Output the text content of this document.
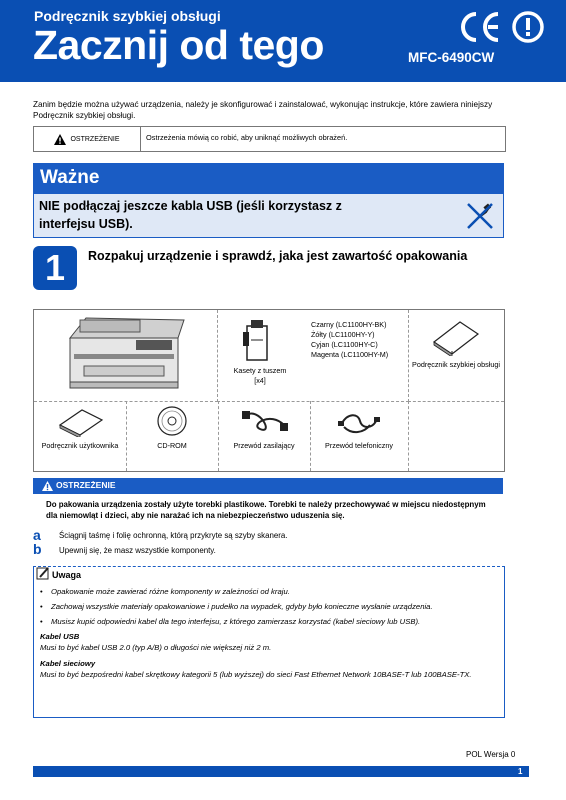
Podręcznik szybkiej obsługi
Zacznij od tego	MFC-6490CW
Zanim będzie można używać urządzenia, należy je skonfigurować i zainstalować, wykonując instrukcje, które zawiera niniejszy Podręcznik szybkiej obsługi.
OSTRZEŻENIE	Ostrzeżenia mówią co robić, aby uniknąć możliwych obrażeń.
Ważne
NIE podłączaj jeszcze kabla USB (jeśli korzystasz z interfejsu USB).
1	Rozpakuj urządzenie i sprawdź, jaka jest zawartość opakowania
Kasety z tuszem
[x4]
Czarny (LC1100HY-BK)
Żółty (LC1100HY-Y)
Cyjan (LC1100HY-C)
Magenta (LC1100HY-M)
Podręcznik szybkiej obsługi
Podręcznik użytkownika	CD-ROM	Przewód zasilający	Przewód telefoniczny
OSTRZEŻENIE
Do pakowania urządzenia zostały użyte torebki plastikowe. Torebki te należy przechowywać w miejscu niedostępnym dla niemowląt i dzieci, aby nie narażać ich na niebezpieczeństwo uduszenia się.
a Ściągnij taśmę i folię ochronną, którą przykryte są szyby skanera.
b Upewnij się, że masz wszystkie komponenty.
Uwaga
• Opakowanie może zawierać różne komponenty w zależności od kraju.
• Zachowaj wszystkie materiały opakowaniowe i pudełko na wypadek, gdyby było konieczne wysłanie urządzenia.
• Musisz kupić odpowiedni kabel dla tego interfejsu, z którego zamierzasz korzystać (kabel sieciowy lub USB).
Kabel USB
Musi to być kabel USB 2.0 (typ A/B) o długości nie większej niż 2 m.
Kabel sieciowy
Musi to być bezpośredni kabel skrętkowy kategorii 5 (lub wyższej) do sieci Fast Ethernet Network 10BASE-T lub 100BASE-TX.
POL Wersja 0
1
